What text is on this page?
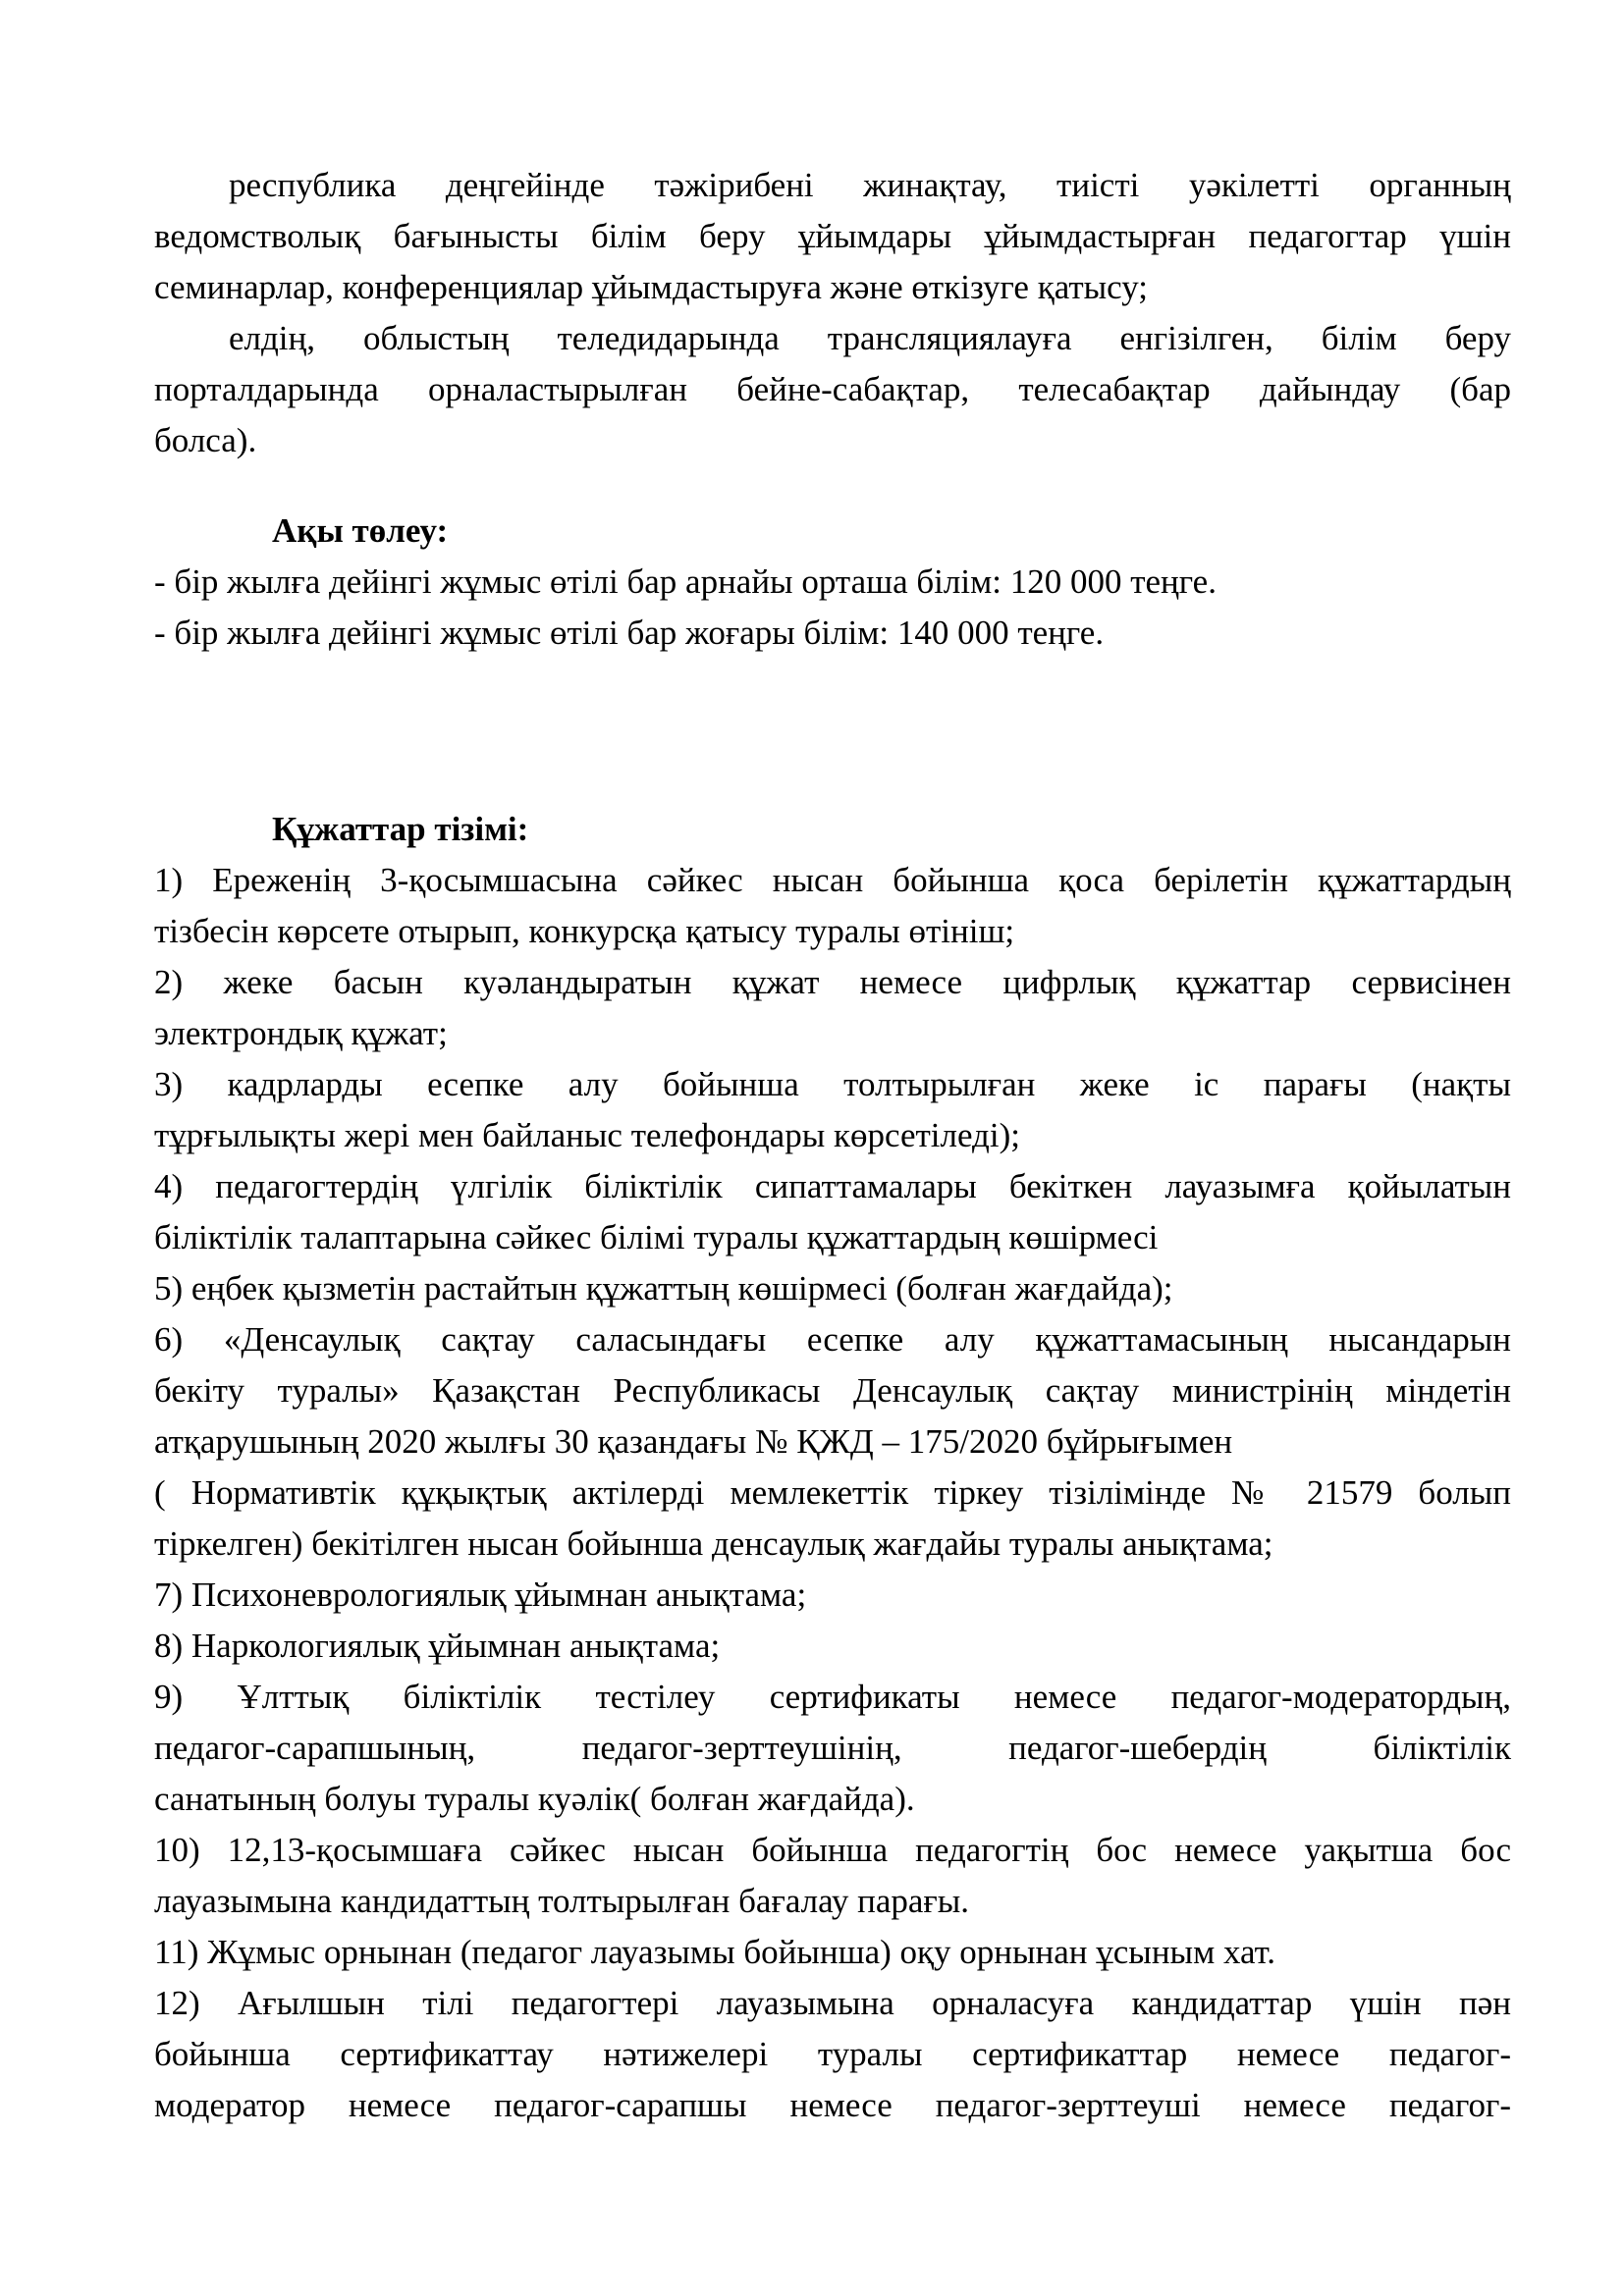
республика деңгейінде тәжірибені жинақтау, тиісті уәкілетті органның
ведомстволық бағынысты білім беру ұйымдары ұйымдастырған педагогтар үшін
семинарлар, конференциялар ұйымдастыруға және өткізуге қатысу;
елдің, облыстың теледидарында трансляциялауға енгізілген, білім беру
порталдарында орналастырылған бейне-сабақтар, телесабақтар дайындау (бар
болса).
Ақы төлеу:
- бір жылға дейінгі жұмыс өтілі бар арнайы орташа білім: 120 000 теңге.
- бір жылға дейінгі жұмыс өтілі бар жоғары білім: 140 000 теңге.
Құжаттар тізімі:
1) Ереженің 3-қосымшасына сәйкес нысан бойынша қоса берілетін құжаттардың
тізбесін көрсете отырып, конкурсқа қатысу туралы өтініш;
2) жеке басын куәландыратын құжат немесе цифрлық құжаттар сервисінен
электрондық құжат;
3) кадрларды есепке алу бойынша толтырылған жеке іс парағы (нақты
тұрғылықты жері мен байланыс телефондары көрсетіледі);
4) педагогтердің үлгілік біліктілік сипаттамалары бекіткен лауазымға қойылатын
біліктілік талаптарына сәйкес білімі туралы құжаттардың көшірмесі
5) еңбек қызметін растайтын құжаттың көшірмесі (болған жағдайда);
6) «Денсаулық сақтау саласындағы есепке алу құжаттамасының нысандарын
бекіту туралы» Қазақстан Республикасы Денсаулық сақтау министрінің міндетін
атқарушының 2020 жылғы 30 қазандағы № ҚЖД – 175/2020 бұйрығымен
( Нормативтік құқықтық актілерді мемлекеттік тіркеу тізілімінде № 21579 болып
тіркелген) бекітілген нысан бойынша денсаулық жағдайы туралы анықтама;
7) Психоневрологиялық ұйымнан анықтама;
8) Наркологиялық ұйымнан анықтама;
9) Ұлттық біліктілік тестілеу сертификаты немесе педагог-модератордың,
педагог-сарапшының, педагог-зерттеушінің, педагог-шебердің біліктілік
санатының болуы туралы куәлік( болған жағдайда).
10) 12,13-қосымшаға сәйкес нысан бойынша педагогтің бос немесе уақытша бос
лауазымына кандидаттың толтырылған бағалау парағы.
11) Жұмыс орнынан (педагог лауазымы бойынша) оқу орнынан ұсыным хат.
12) Ағылшын тілі педагогтері лауазымына орналасуға кандидаттар үшін пән
бойынша сертификаттау нәтижелері туралы сертификаттар немесе педагог-
модератор немесе педагог-сарапшы немесе педагог-зерттеуші немесе педагог-
